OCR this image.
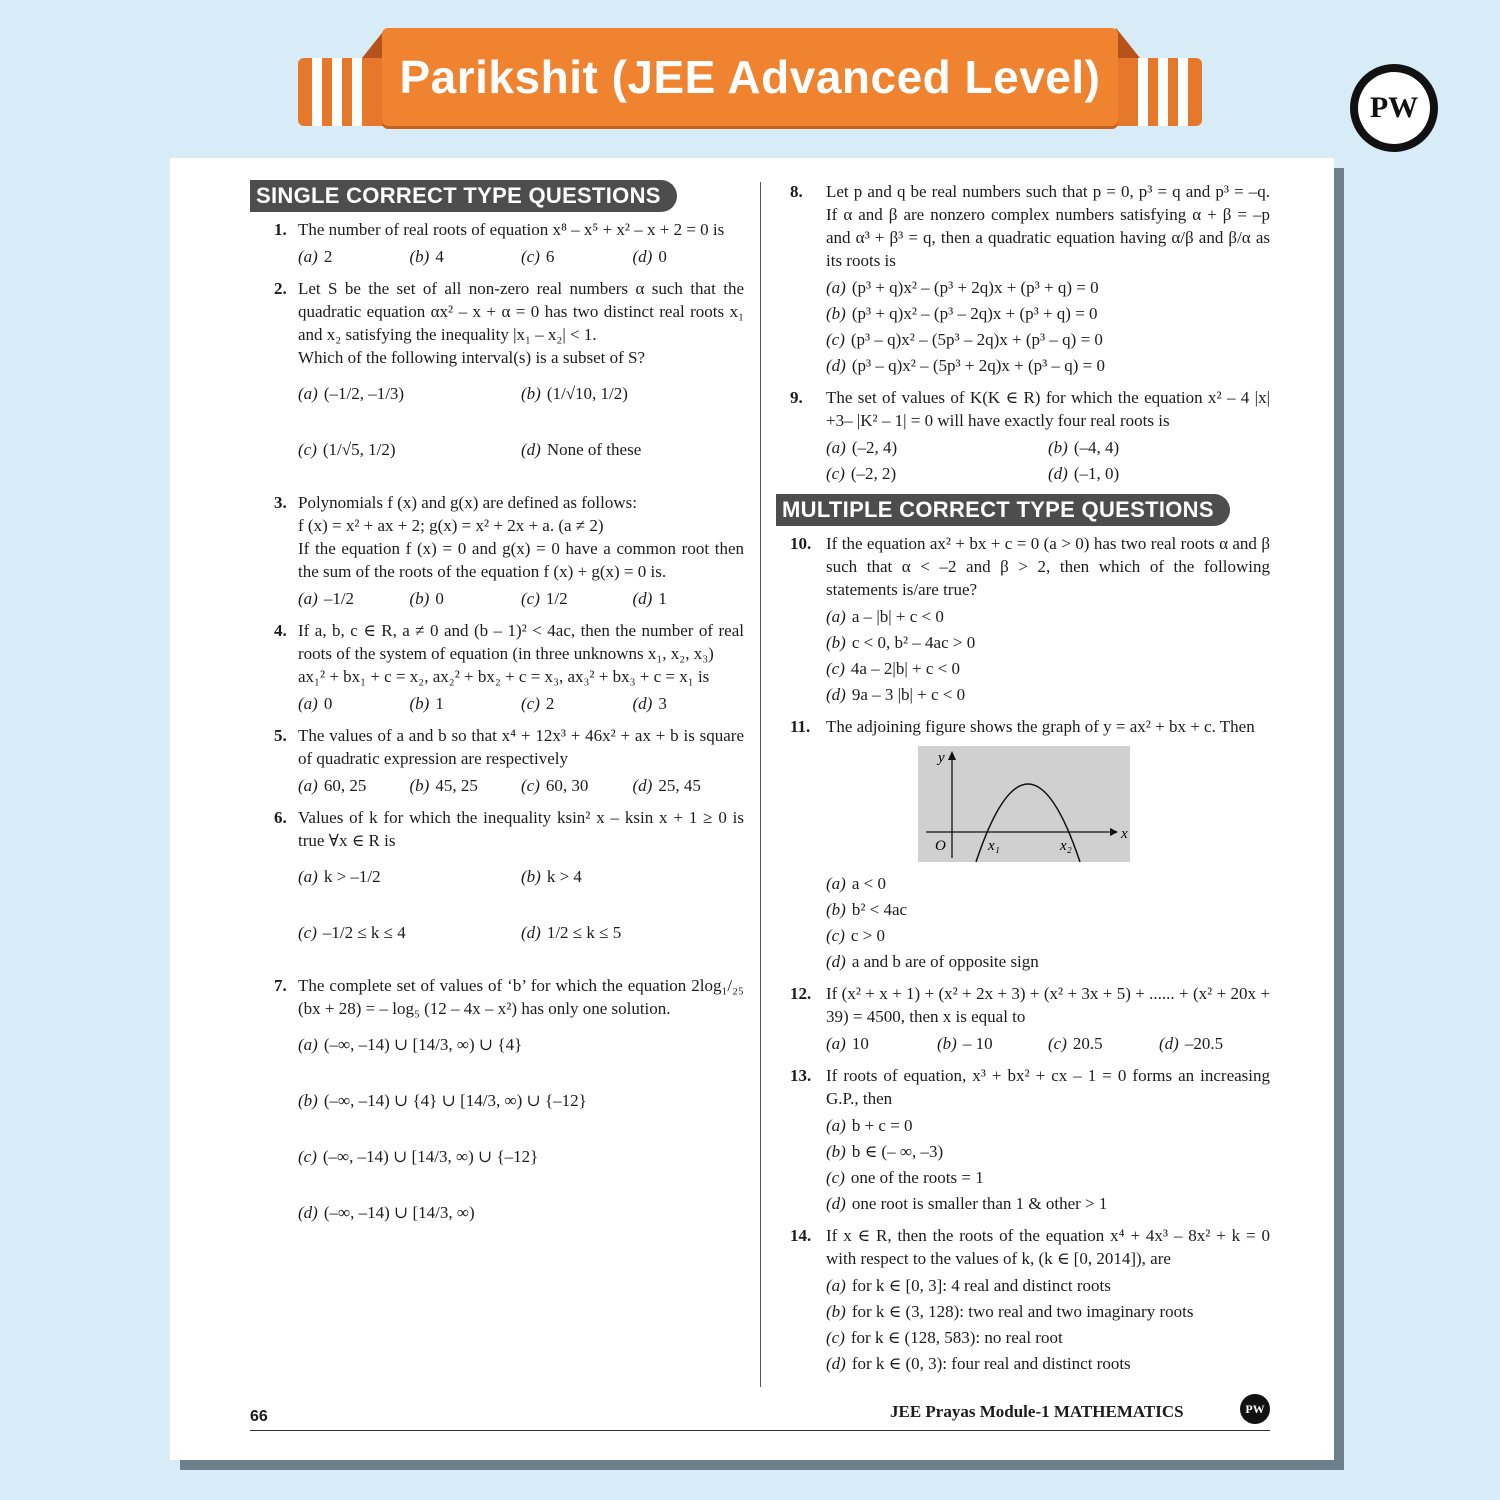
Parikshit (JEE Advanced Level)
PW
SINGLE CORRECT TYPE QUESTIONS
1. The number of real roots of equation x⁸ – x⁵ + x² – x + 2 = 0 is
(a) 2	(b) 4	(c) 6	(d) 0
2. Let S be the set of all non-zero real numbers α such that the quadratic equation αx² – x + α = 0 has two distinct real roots x₁ and x₂ satisfying the inequality |x₁ – x₂| < 1.
Which of the following interval(s) is a subset of S?
(a) (–1/2, –1/3)	(b) (1/√10, 1/2)
(c) (1/√5, 1/2)	(d) None of these
3. Polynomials f (x) and g(x) are defined as follows:
f (x) = x² + ax + 2; g(x) = x² + 2x + a. (a ≠ 2)
If the equation f (x) = 0 and g(x) = 0 have a common root then the sum of the roots of the equation f (x) + g(x) = 0 is.
(a) –1/2	(b) 0	(c) 1/2	(d) 1
4. If a, b, c ∈ R, a ≠ 0 and (b – 1)² < 4ac, then the number of real roots of the system of equation (in three unknowns x₁, x₂, x₃)
ax₁² + bx₁ + c = x₂, ax₂² + bx₂ + c = x₃, ax₃² + bx₃ + c = x₁ is
(a) 0	(b) 1	(c) 2	(d) 3
5. The values of a and b so that x⁴ + 12x³ + 46x² + ax + b is square of quadratic expression are respectively
(a) 60, 25	(b) 45, 25	(c) 60, 30	(d) 25, 45
6. Values of k for which the inequality ksin² x – ksin x + 1 ≥ 0 is true ∀x ∈ R is
(a) k > –1/2	(b) k > 4
(c) –1/2 ≤ k ≤ 4	(d) 1/2 ≤ k ≤ 5
7. The complete set of values of ‘b’ for which the equation 2log₁/₂₅ (bx + 28) = – log₅ (12 – 4x – x²) has only one solution.
(a) (–∞, –14) ∪ [14/3, ∞) ∪ {4}
(b) (–∞, –14) ∪ {4} ∪ [14/3, ∞) ∪ {–12}
(c) (–∞, –14) ∪ [14/3, ∞) ∪ {–12}
(d) (–∞, –14) ∪ [14/3, ∞)
8. Let p and q be real numbers such that p = 0, p³ = q and p³ = –q. If α and β are nonzero complex numbers satisfying α + β = –p and α³ + β³ = q, then a quadratic equation having α/β and β/α as its roots is
(a) (p³ + q)x² – (p³ + 2q)x + (p³ + q) = 0
(b) (p³ + q)x² – (p³ – 2q)x + (p³ + q) = 0
(c) (p³ – q)x² – (5p³ – 2q)x + (p³ – q) = 0
(d) (p³ – q)x² – (5p³ + 2q)x + (p³ – q) = 0
9. The set of values of K(K ∈ R) for which the equation x² – 4 |x| +3– |K² – 1| = 0 will have exactly four real roots is
(a) (–2, 4)	(b) (–4, 4)
(c) (–2, 2)	(d) (–1, 0)
MULTIPLE CORRECT TYPE QUESTIONS
10. If the equation ax² + bx + c = 0 (a > 0) has two real roots α and β such that α < –2 and β > 2, then which of the following statements is/are true?
(a) a – |b| + c < 0
(b) c < 0, b² – 4ac > 0
(c) 4a – 2|b| + c < 0
(d) 9a – 3 |b| + c < 0
11. The adjoining figure shows the graph of y = ax² + bx + c. Then
y
x
O	x₁	x₂
(a) a < 0
(b) b² < 4ac
(c) c > 0
(d) a and b are of opposite sign
12. If (x² + x + 1) + (x² + 2x + 3) + (x² + 3x + 5) + ...... + (x² + 20x + 39) = 4500, then x is equal to
(a) 10	(b) – 10	(c) 20.5	(d) –20.5
13. If roots of equation, x³ + bx² + cx – 1 = 0 forms an increasing G.P., then
(a) b + c = 0
(b) b ∈ (– ∞, –3)
(c) one of the roots = 1
(d) one root is smaller than 1 & other > 1
14. If x ∈ R, then the roots of the equation x⁴ + 4x³ – 8x² + k = 0 with respect to the values of k, (k ∈ [0, 2014]), are
(a) for k ∈ [0, 3]: 4 real and distinct roots
(b) for k ∈ (3, 128): two real and two imaginary roots
(c) for k ∈ (128, 583): no real root
(d) for k ∈ (0, 3): four real and distinct roots
66	JEE Prayas Module-1 MATHEMATICS	PW
